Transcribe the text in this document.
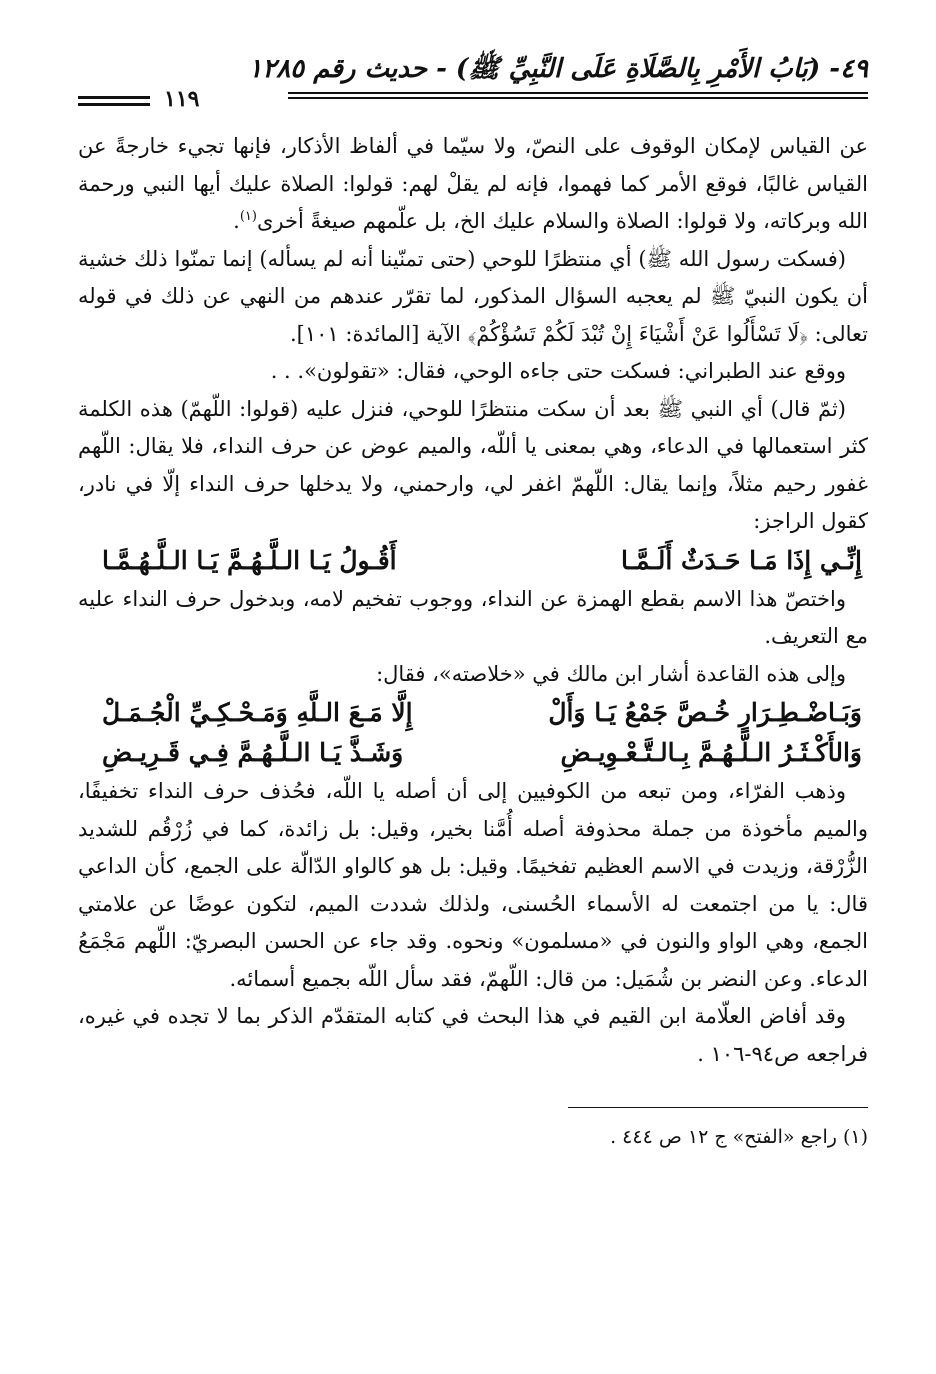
٤٩- (بَابُ الأَمْرِ بِالصَّلَاةِ عَلَى النَّبِيِّ ﷺ) - حديث رقم ١٢٨٥
١١٩

عن القياس لإمكان الوقوف على النصّ، ولا سيّما في ألفاظ الأذكار، فإنها تجيء خارجةً عن القياس غالبًا، فوقع الأمر كما فهموا، فإنه لم يقلْ لهم: قولوا: الصلاة عليك أيها النبي ورحمة الله وبركاته، ولا قولوا: الصلاة والسلام عليك الخ، بل علّمهم صيغةً أخرى$^{(١)}$.

(فسكت رسول الله ﷺ) أي منتظرًا للوحي (حتى تمنّينا أنه لم يسأله) إنما تمنّوا ذلك خشية أن يكون النبيّ ﷺ لم يعجبه السؤال المذكور، لما تقرّر عندهم من النهي عن ذلك في قوله تعالى: ﴿لَا تَسْأَلُوا عَنْ أَشْيَاءَ إِنْ تُبْدَ لَكُمْ تَسُؤْكُمْ﴾ الآية [المائدة: ١٠١].

ووقع عند الطبراني: فسكت حتى جاءه الوحي، فقال: «تقولون». . .

(ثمّ قال) أي النبي ﷺ بعد أن سكت منتظرًا للوحي، فنزل عليه (قولوا: اللّهمّ) هذه الكلمة كثر استعمالها في الدعاء، وهي بمعنى يا أللّه، والميم عوض عن حرف النداء، فلا يقال: اللّهم غفور رحيم مثلاً، وإنما يقال: اللّهمّ اغفر لي، وارحمني، ولا يدخلها حرف النداء إلّا في نادر، كقول الراجز:

إِنِّـي إِذَا مَـا حَـدَثٌ أَلَـمَّـا
أَقُـولُ يَـا الـلَّـهُـمَّ يَـا الـلَّـهُـمَّـا

واختصّ هذا الاسم بقطع الهمزة عن النداء، ووجوب تفخيم لامه، وبدخول حرف النداء عليه مع التعريف.

وإلى هذه القاعدة أشار ابن مالك في «خلاصته»، فقال:

وَبَـاضْـطِـرَارٍ خُـصَّ جَمْعُ يَـا وَأَلْ
إِلَّا مَـعَ الـلَّهِ وَمَـحْـكِـيِّ الْجُـمَـلْ
وَالأَكْـثَـرُ الـلَّـهُـمَّ بِـالـتَّـعْـوِيـضِ
وَشَـذَّ يَـا الـلَّـهُـمَّ فِـي قَـرِيـضِ

وذهب الفرّاء، ومن تبعه من الكوفيين إلى أن أصله يا اللّه، فحُذف حرف النداء تخفيفًا، والميم مأخوذة من جملة محذوفة أصله أُمَّنا بخير، وقيل: بل زائدة، كما في زُرْقُم للشديد الزُّرْقة، وزيدت في الاسم العظيم تفخيمًا. وقيل: بل هو كالواو الدّالّة على الجمع، كأن الداعي قال: يا من اجتمعت له الأسماء الحُسنى، ولذلك شددت الميم، لتكون عوضًا عن علامتي الجمع، وهي الواو والنون في «مسلمون» ونحوه. وقد جاء عن الحسن البصريّ: اللّهم مَجْمَعُ الدعاء. وعن النضر بن شُمَيل: من قال: اللّهمّ، فقد سأل اللّه بجميع أسمائه.

وقد أفاض العلّامة ابن القيم في هذا البحث في كتابه المتقدّم الذكر بما لا تجده في غيره، فراجعه ص٩٤-١٠٦ .

(١) راجع «الفتح» ج ١٢ ص ٤٤٤ .
